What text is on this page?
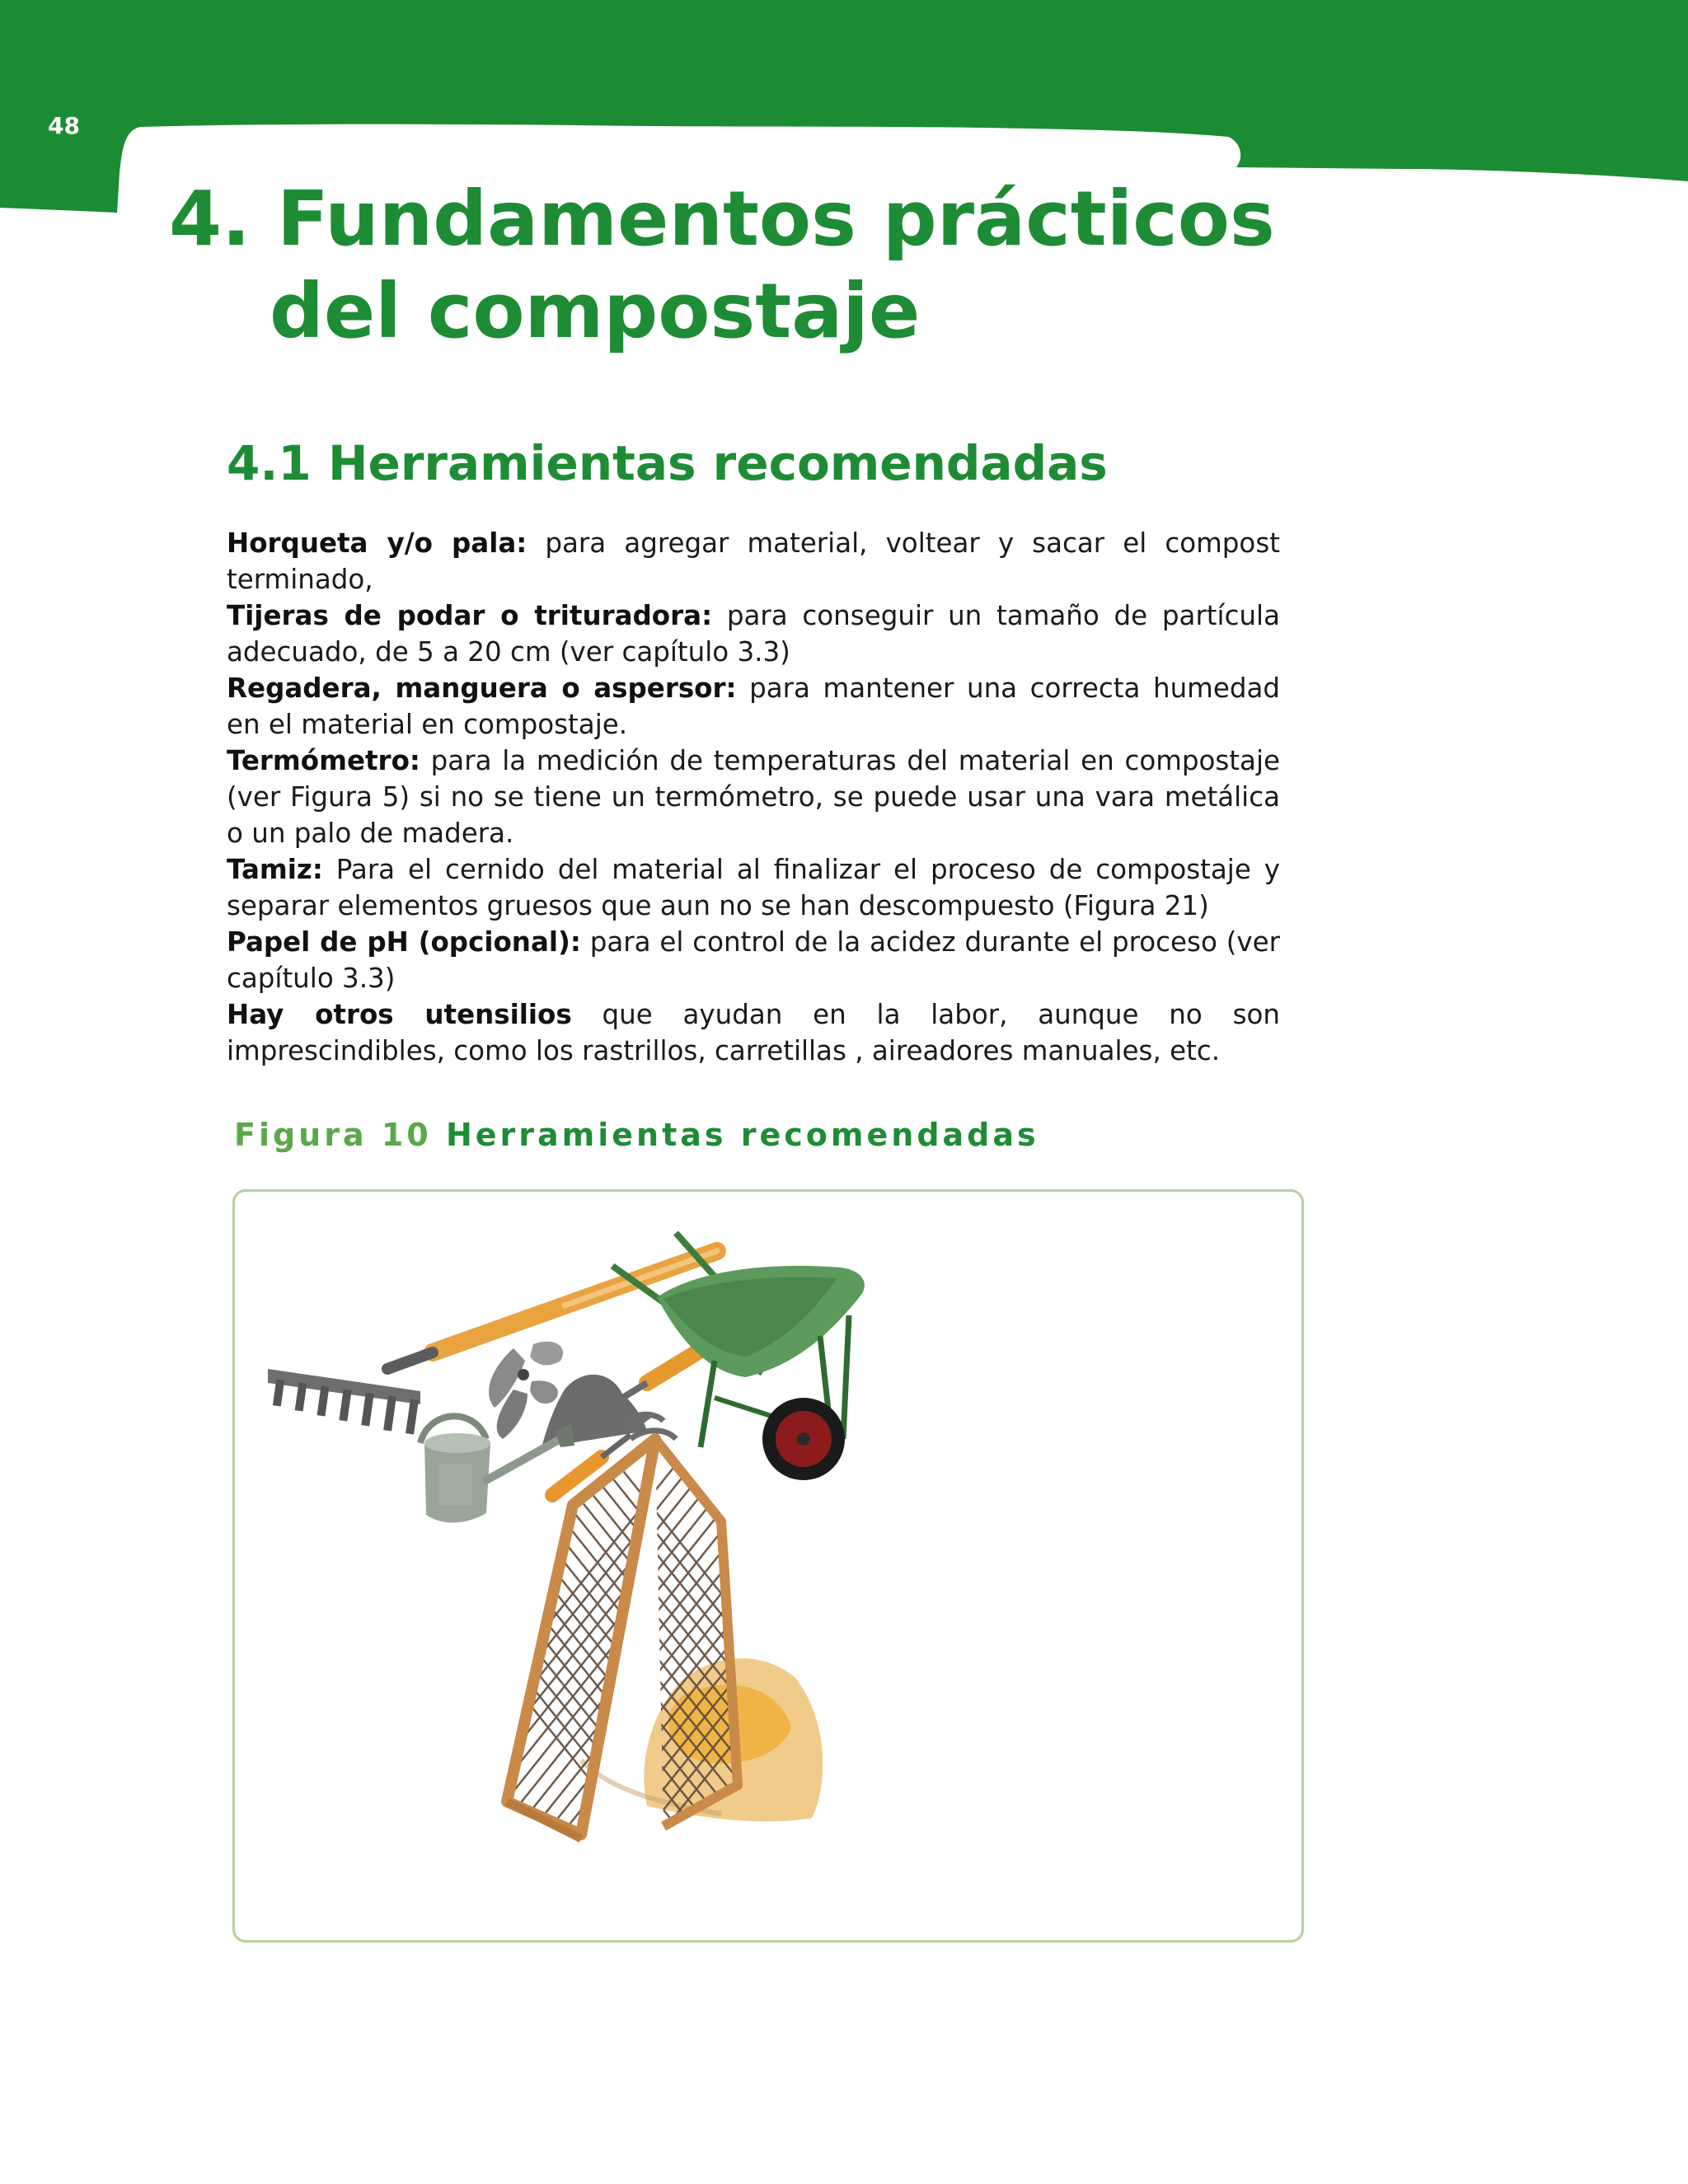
48
4. Fundamentos prácticos
del compostaje
4.1 Herramientas recomendadas

Horqueta y/o pala: para agregar material, voltear y sacar el compost terminado,

Tijeras de podar o trituradora: para conseguir un tamaño de partícula adecuado, de 5 a 20 cm (ver capítulo 3.3)

Regadera, manguera o aspersor: para mantener una correcta humedad en el material en compostaje.

Termómetro: para la medición de temperaturas del material en compostaje (ver Figura 5) si no se tiene un termómetro, se puede usar una vara metálica o un palo de madera.

Tamiz: Para el cernido del material al finalizar el proceso de compostaje y separar elementos gruesos que aun no se han descompuesto (Figura 21)

Papel de pH (opcional): para el control de la acidez durante el proceso (ver capítulo 3.3)

Hay otros utensilios que ayudan en la labor, aunque no son imprescindibles, como los rastrillos, carretillas , aireadores manuales, etc.

Figura 10 Herramientas recomendadas
